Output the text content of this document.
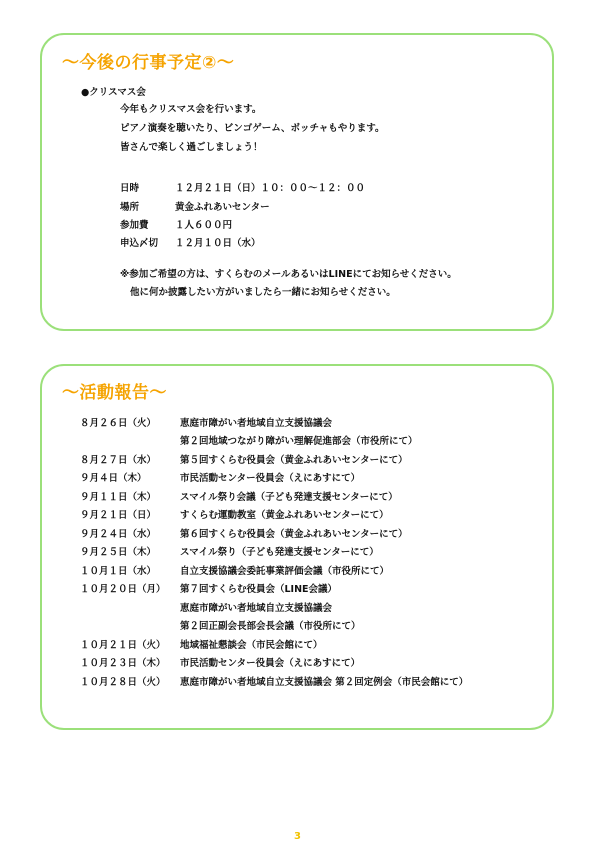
～今後の行事予定②～
●クリスマス会
今年もクリスマス会を行います。
ピアノ演奏を聴いたり、ビンゴゲーム、ボッチャもやります。
皆さんで楽しく過ごしましょう！
日時	１２月２１日（日）１０：００～１２：００
場所	黄金ふれあいセンター
参加費	１人６００円
申込〆切 １２月１０日（水）
※参加ご希望の方は、すくらむのメールあるいはLINEにてお知らせください。
他に何か披露したい方がいましたら一緒にお知らせください。
～活動報告～
８月２６日（火）	恵庭市障がい者地域自立支援協議会
第２回地域つながり障がい理解促進部会（市役所にて）
８月２７日（水）	第５回すくらむ役員会（黄金ふれあいセンターにて）
９月４日（木）	市民活動センター役員会（えにあすにて）
９月１１日（木）	スマイル祭り会議（子ども発達支援センターにて）
９月２１日（日）	すくらむ運動教室（黄金ふれあいセンターにて）
９月２４日（水）	第６回すくらむ役員会（黄金ふれあいセンターにて）
９月２５日（木）	スマイル祭り（子ども発達支援センターにて）
１０月１日（水）	自立支援協議会委託事業評価会議（市役所にて）
１０月２０日（月） 第７回すくらむ役員会（LINE会議）
恵庭市障がい者地域自立支援協議会
第２回正副会長部会長会議（市役所にて）
１０月２１日（火） 地域福祉懇談会（市民会館にて）
１０月２３日（木） 市民活動センター役員会（えにあすにて）
１０月２８日（火） 恵庭市障がい者地域自立支援協議会 第２回定例会（市民会館にて）
3
